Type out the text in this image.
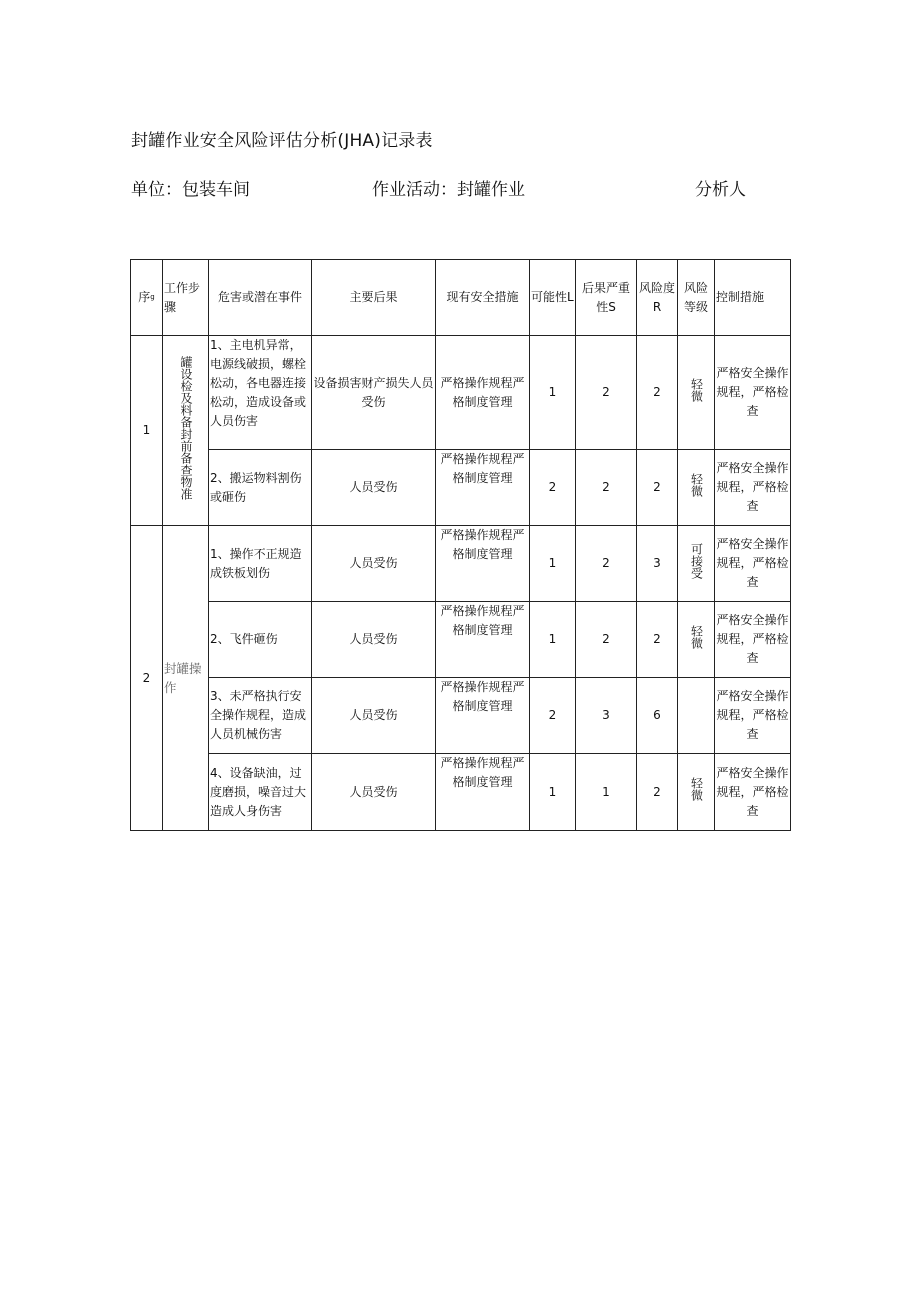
封罐作业安全风险评估分析(JHA)记录表
单位：包装车间	作业活动：封罐作业	分析人
序g	工作步骤	危害或潜在事件	主要后果	现有安全措施	可能性L	后果严重性S	风险度R	风险等级	控制措施
1	罐设检及料备封前备查物准	1、主电机异常，电源线破损，螺栓松动，各电器连接松动，造成设备或人员伤害	设备损害财产损失人员受伤	严格操作规程严格制度管理	1	2	2	轻微	严格安全操作规程，严格检查
		2、搬运物料割伤或砸伤	人员受伤	严格操作规程严格制度管理	2	2	2	轻微	严格安全操作规程，严格检查
2	封罐操作	1、操作不正规造成铁板划伤	人员受伤	严格操作规程严格制度管理	1	2	3	可接受	严格安全操作规程，严格检查
		2、飞件砸伤	人员受伤	严格操作规程严格制度管理	1	2	2	轻微	严格安全操作规程，严格检查
		3、未严格执行安全操作规程，造成人员机械伤害	人员受伤	严格操作规程严格制度管理	2	3	6		严格安全操作规程，严格检查
		4、设备缺油，过度磨损，噪音过大造成人身伤害	人员受伤	严格操作规程严格制度管理	1	1	2	轻微	严格安全操作规程，严格检查
